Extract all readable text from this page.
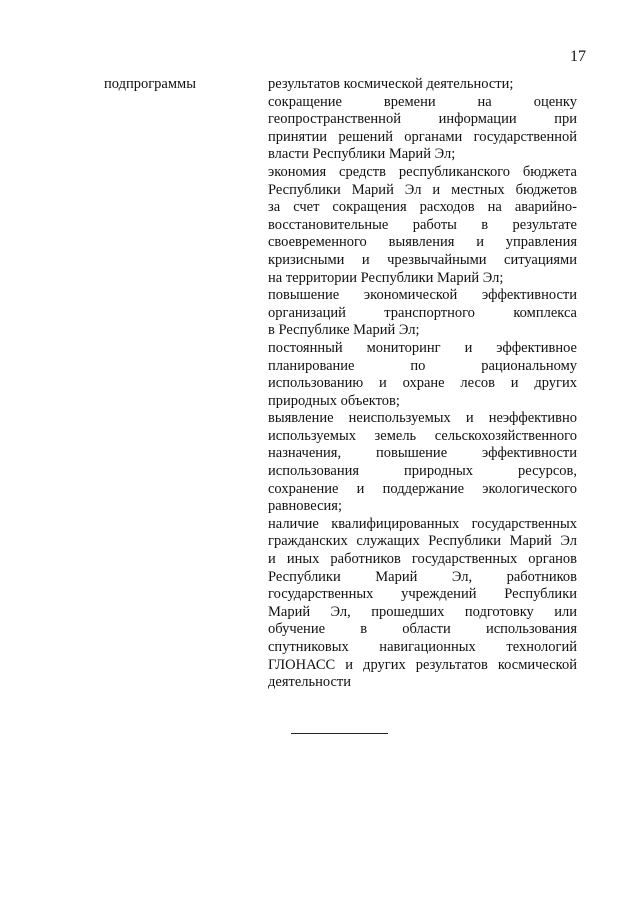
17
подпрограммы	результатов космической деятельности;
сокращение времени на оценку
геопространственной информации при
принятии решений органами государственной
власти Республики Марий Эл;
экономия средств республиканского бюджета
Республики Марий Эл и местных бюджетов
за счет сокращения расходов на аварийно-
восстановительные работы в результате
своевременного выявления и управления
кризисными и чрезвычайными ситуациями
на территории Республики Марий Эл;
повышение экономической эффективности
организаций транспортного комплекса
в Республике Марий Эл;
постоянный мониторинг и эффективное
планирование по рациональному
использованию и охране лесов и других
природных объектов;
выявление неиспользуемых и неэффективно
используемых земель сельскохозяйственного
назначения, повышение эффективности
использования природных ресурсов,
сохранение и поддержание экологического
равновесия;
наличие квалифицированных государственных
гражданских служащих Республики Марий Эл
и иных работников государственных органов
Республики Марий Эл, работников
государственных учреждений Республики
Марий Эл, прошедших подготовку или
обучение в области использования
спутниковых навигационных технологий
ГЛОНАСС и других результатов космической
деятельности
